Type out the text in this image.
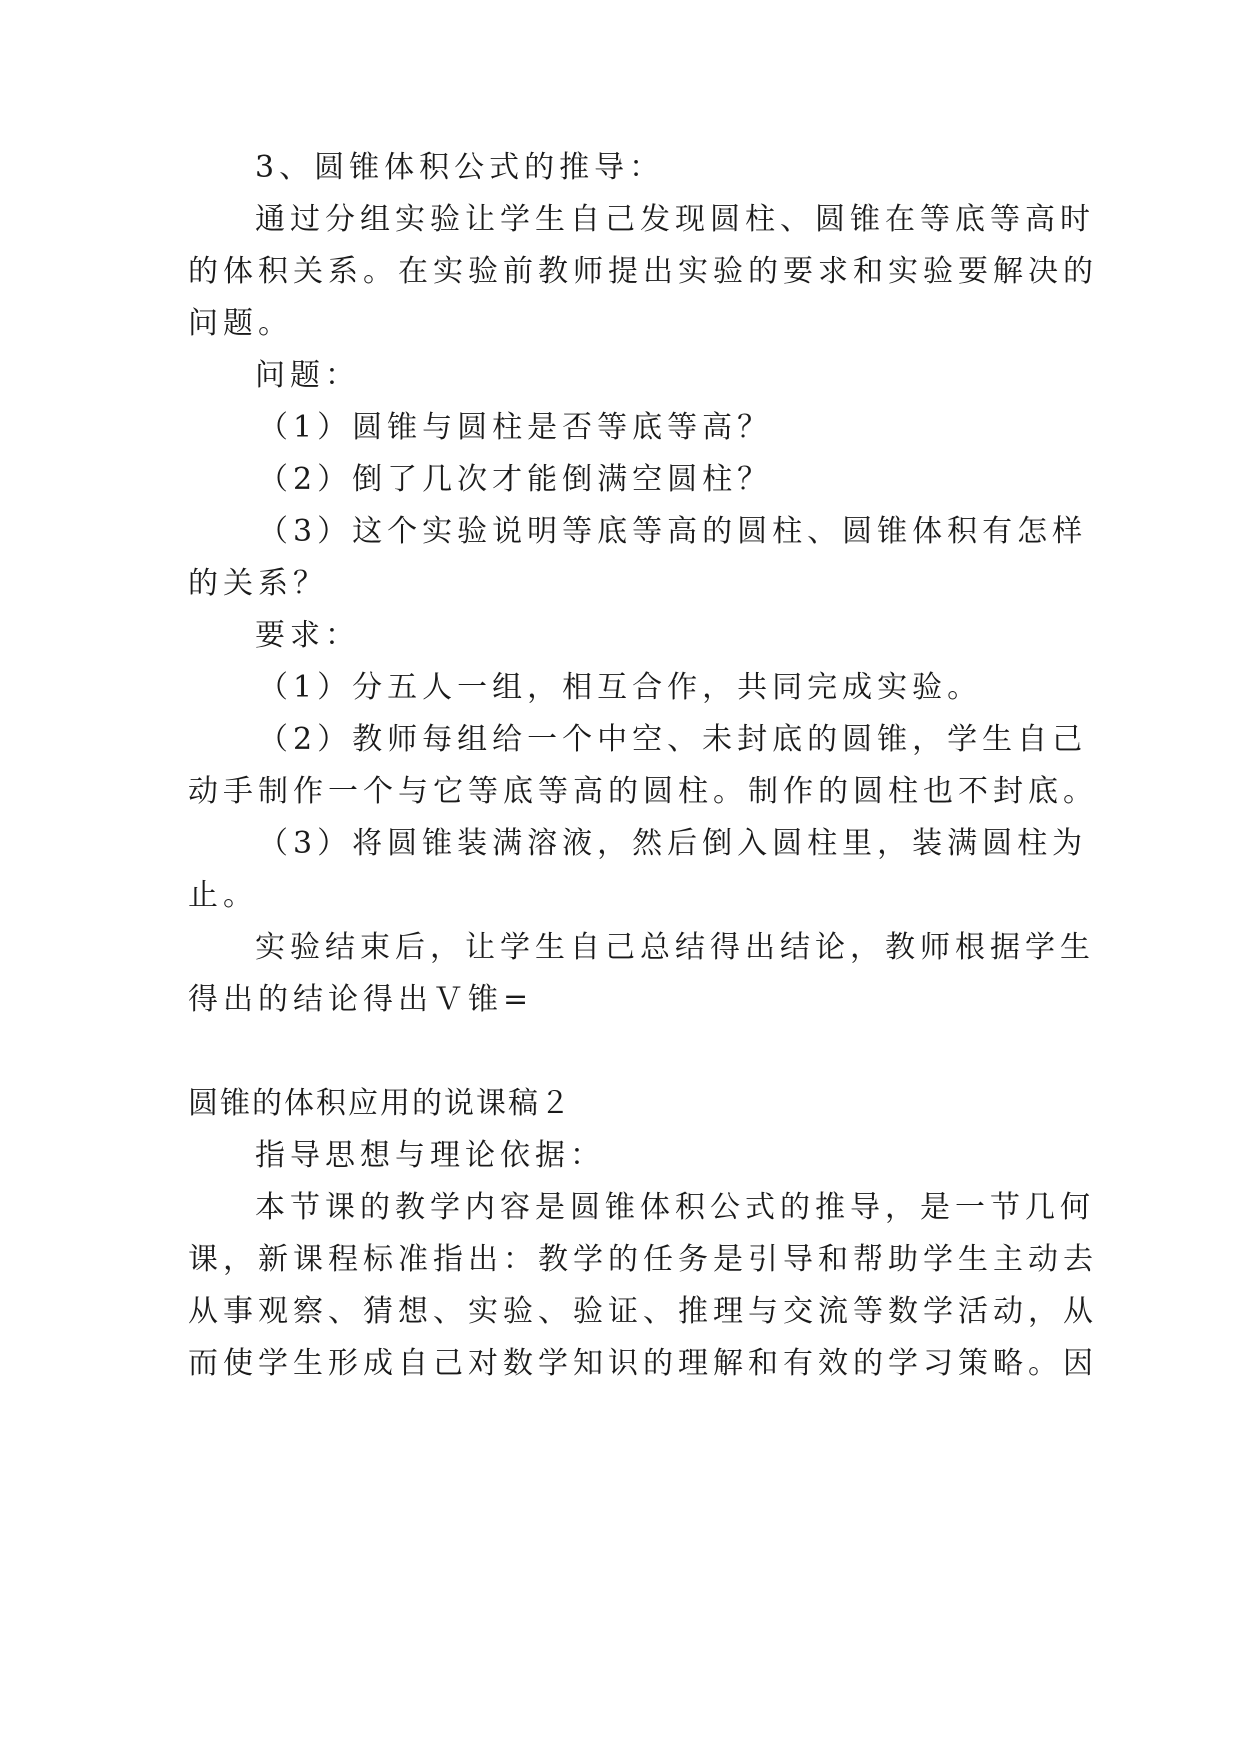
3、圆锥体积公式的推导：

通过分组实验让学生自己发现圆柱、圆锥在等底等高时

的体积关系。在实验前教师提出实验的要求和实验要解决的

问题。

问题：

（1）圆锥与圆柱是否等底等高？

（2）倒了几次才能倒满空圆柱？

（3）这个实验说明等底等高的圆柱、圆锥体积有怎样

的关系？

要求：

（1）分五人一组，相互合作，共同完成实验。

（2）教师每组给一个中空、未封底的圆锥，学生自己

动手制作一个与它等底等高的圆柱。制作的圆柱也不封底。

（3）将圆锥装满溶液，然后倒入圆柱里，装满圆柱为

止。

实验结束后，让学生自己总结得出结论，教师根据学生

得出的结论得出Ｖ锥=

圆锥的体积应用的说课稿２

指导思想与理论依据：

本节课的教学内容是圆锥体积公式的推导，是一节几何

课，新课程标准指出：教学的任务是引导和帮助学生主动去

从事观察、猜想、实验、验证、推理与交流等数学活动，从

而使学生形成自己对数学知识的理解和有效的学习策略。因
